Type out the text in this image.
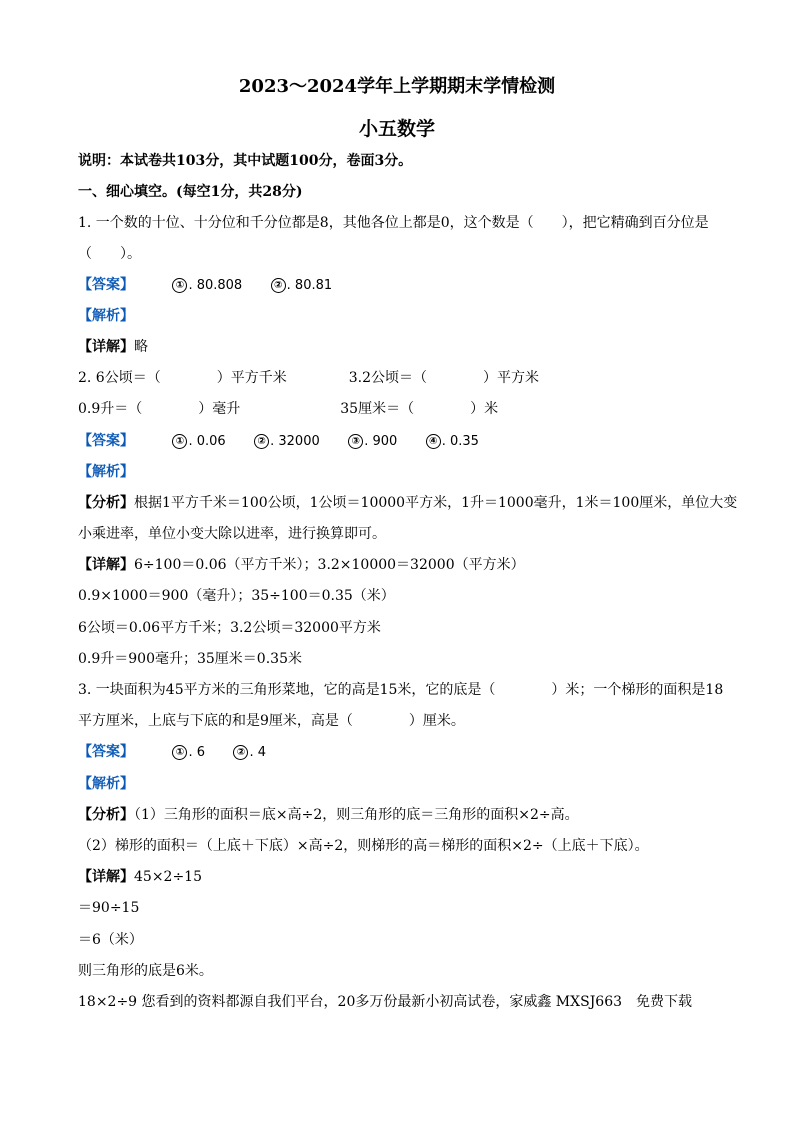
2023～2024学年上学期期末学情检测
小五数学
说明：本试卷共103分，其中试题100分，卷面3分。
一、细心填空。(每空1分，共28分)
1. 一个数的十位、十分位和千分位都是8，其他各位上都是0，这个数是（　　），把它精确到百分位是
（　　）。
【答案】	① . 80.808	② . 80.81
【解析】
【详解】略
2. 6公顷＝（　　　　）平方千米	3.2公顷＝（　　　　）平方米
0.9升＝（　　　　）毫升	35厘米＝（　　　　）米
【答案】	① . 0.06	② . 32000	③ . 900	④ . 0.35
【解析】
【分析】根据1平方千米＝100公顷，1公顷＝10000平方米，1升＝1000毫升，1米＝100厘米，单位大变
小乘进率，单位小变大除以进率，进行换算即可。
【详解】6÷100＝0.06（平方千米）；3.2×10000＝32000（平方米）
0.9×1000＝900（毫升）；35÷100＝0.35（米）
6公顷＝0.06平方千米；3.2公顷＝32000平方米
0.9升＝900毫升；35厘米＝0.35米
3. 一块面积为45平方米的三角形菜地，它的高是15米，它的底是（　　　　）米；一个梯形的面积是18
平方厘米，上底与下底的和是9厘米，高是（　　　　）厘米。
【答案】	① . 6	② . 4
【解析】
【分析】（1）三角形的面积＝底×高÷2，则三角形的底＝三角形的面积×2÷高。
（2）梯形的面积＝（上底＋下底）×高÷2，则梯形的高＝梯形的面积×2÷（上底＋下底）。
【详解】45×2÷15
＝90÷15
＝6（米）
则三角形的底是6米。
18×2÷9 您看到的资料都源自我们平台，20多万份最新小初高试卷，家威鑫 MXSJ663　免费下载
